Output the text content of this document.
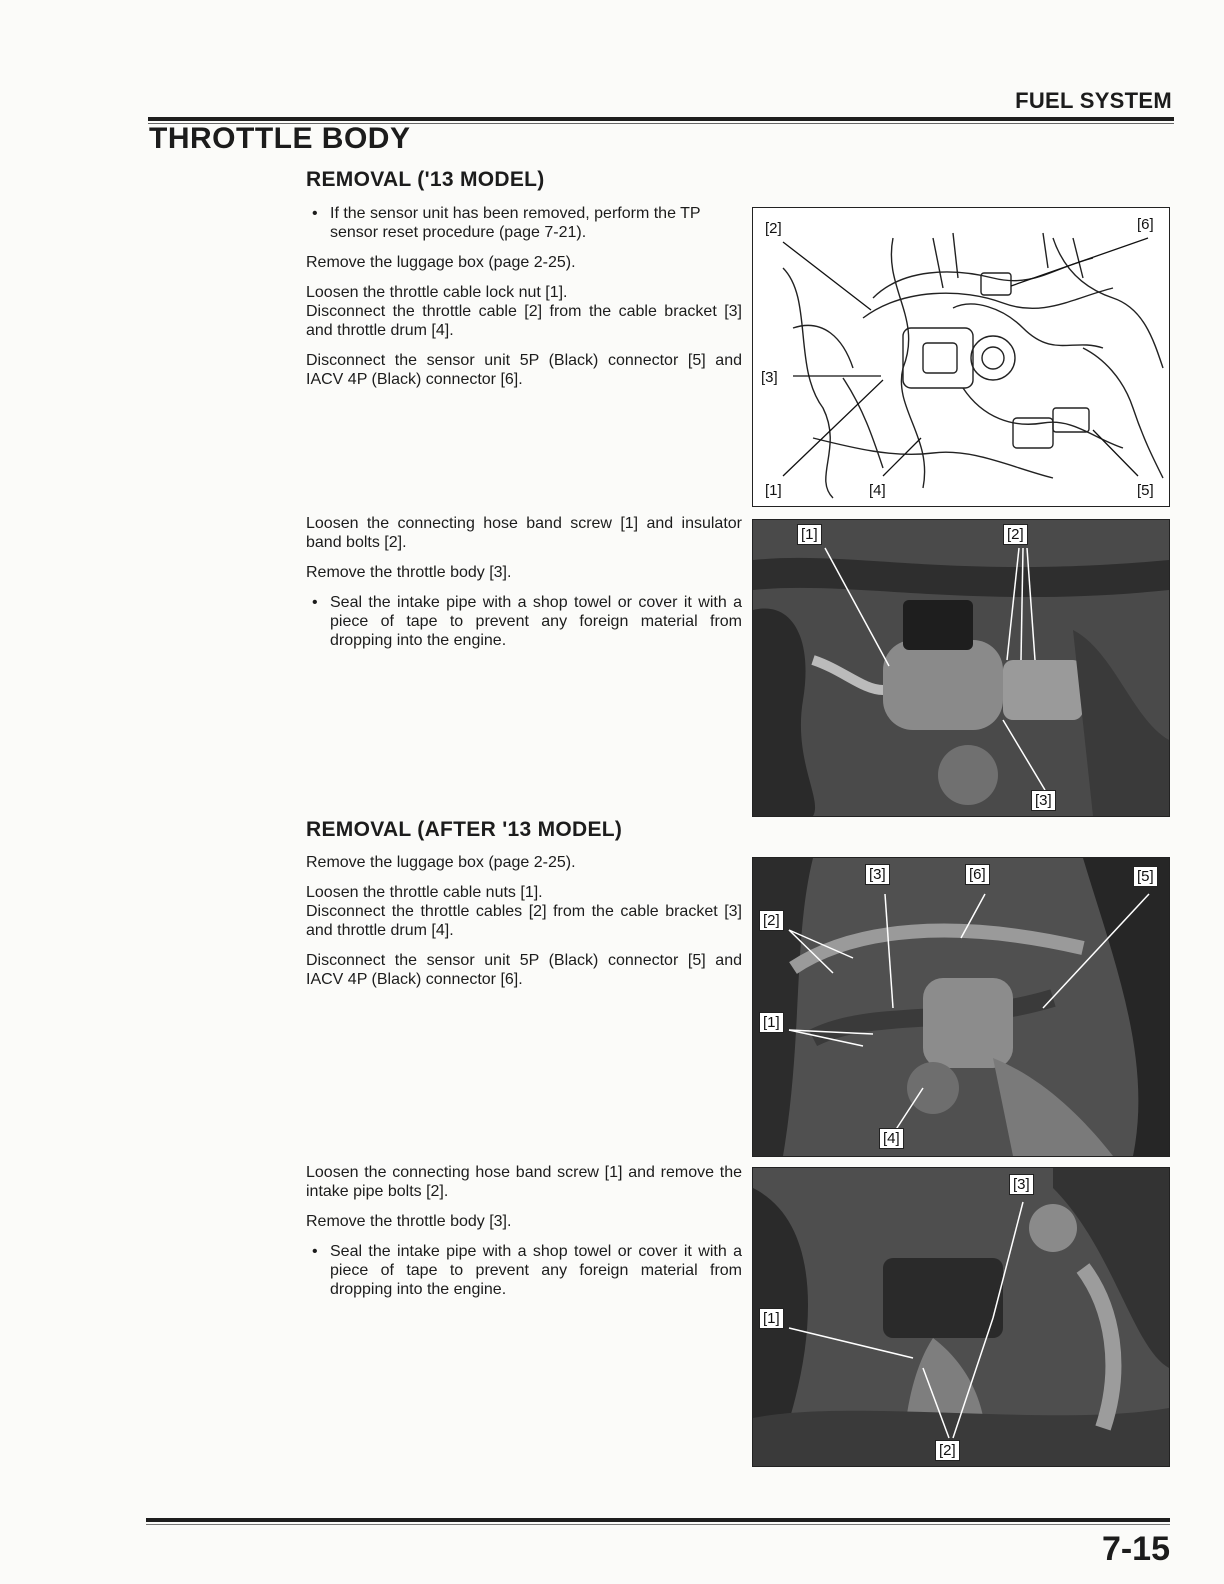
FUEL SYSTEM
THROTTLE BODY
REMOVAL ('13 MODEL)

• If the sensor unit has been removed, perform the TP sensor reset procedure (page 7-21).

Remove the luggage box (page 2-25).

Loosen the throttle cable lock nut [1].

Disconnect the throttle cable [2] from the cable bracket [3] and throttle drum [4].

Disconnect the sensor unit 5P (Black) connector [5] and IACV 4P (Black) connector [6].

[2]	[6]
[3]
[1]	[4]	[5]

Loosen the connecting hose band screw [1] and insulator band bolts [2].

Remove the throttle body [3].

• Seal the intake pipe with a shop towel or cover it with a piece of tape to prevent any foreign material from dropping into the engine.

[1]	[2]
[3]
REMOVAL (AFTER '13 MODEL)

Remove the luggage box (page 2-25).

Loosen the throttle cable nuts [1].

Disconnect the throttle cables [2] from the cable bracket [3] and throttle drum [4].

Disconnect the sensor unit 5P (Black) connector [5] and IACV 4P (Black) connector [6].

[3]	[6]	[5]
[2]
[1]
[4]

Loosen the connecting hose band screw [1] and remove the intake pipe bolts [2].

Remove the throttle body [3].

• Seal the intake pipe with a shop towel or cover it with a piece of tape to prevent any foreign material from dropping into the engine.

[3]
[1]
[2]
7-15
